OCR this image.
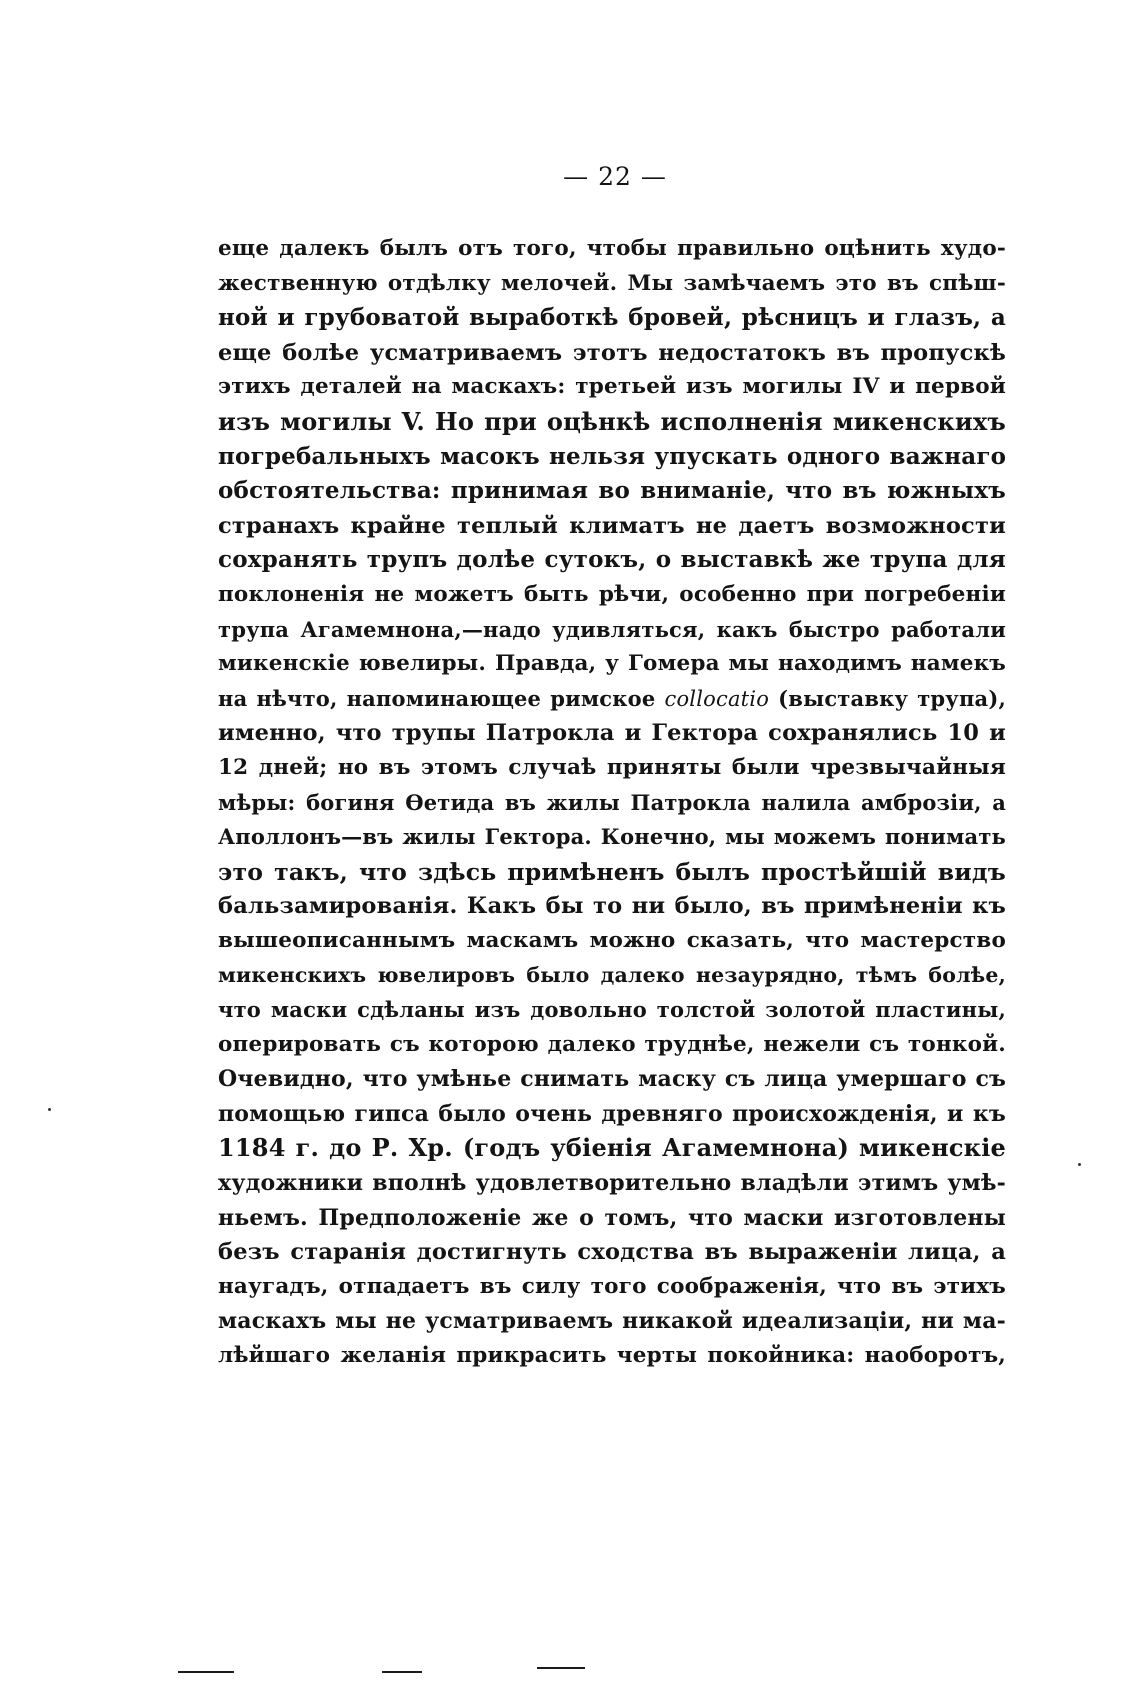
— 22 —
еще далекъ былъ отъ того, чтобы правильно оцѣнить худо-
жественную отдѣлку мелочей. Мы замѣчаемъ это въ спѣш-
ной и грубоватой выработкѣ бровей, рѣсницъ и глазъ, а
еще болѣе усматриваемъ этотъ недостатокъ въ пропускѣ
этихъ деталей на маскахъ: третьей изъ могилы IV и первой
изъ могилы V. Но при оцѣнкѣ исполненія микенскихъ
погребальныхъ масокъ нельзя упускать одного важнаго
обстоятельства: принимая во вниманіе, что въ южныхъ
странахъ крайне теплый климатъ не даетъ возможности
сохранять трупъ долѣе сутокъ, о выставкѣ же трупа для
поклоненія не можетъ быть рѣчи, особенно при погребеніи
трупа Агамемнона,—надо удивляться, какъ быстро работали
микенскіе ювелиры. Правда, у Гомера мы находимъ намекъ
на нѣчто, напоминающее римское collocatio (выставку трупа),
именно, что трупы Патрокла и Гектора сохранялись 10 и
12 дней; но въ этомъ случаѣ приняты были чрезвычайныя
мѣры: богиня Ѳетида въ жилы Патрокла налила амброзіи, а
Аполлонъ—въ жилы Гектора. Конечно, мы можемъ понимать
это такъ, что здѣсь примѣненъ былъ простѣйшій видъ
бальзамированія. Какъ бы то ни было, въ примѣненіи къ
вышеописаннымъ маскамъ можно сказать, что мастерство
микенскихъ ювелировъ было далеко незаурядно, тѣмъ болѣе,
что маски сдѣланы изъ довольно толстой золотой пластины,
оперировать съ которою далеко труднѣе, нежели съ тонкой.
Очевидно, что умѣнье снимать маску съ лица умершаго съ
помощью гипса было очень древняго происхожденія, и къ
1184 г. до Р. Хр. (годъ убіенія Агамемнона) микенскіе
художники вполнѣ удовлетворительно владѣли этимъ умѣ-
ньемъ. Предположеніе же о томъ, что маски изготовлены
безъ старанія достигнуть сходства въ выраженіи лица, а
наугадъ, отпадаетъ въ силу того соображенія, что въ этихъ
маскахъ мы не усматриваемъ никакой идеализаціи, ни ма-
лѣйшаго желанія прикрасить черты покойника: наоборотъ,
